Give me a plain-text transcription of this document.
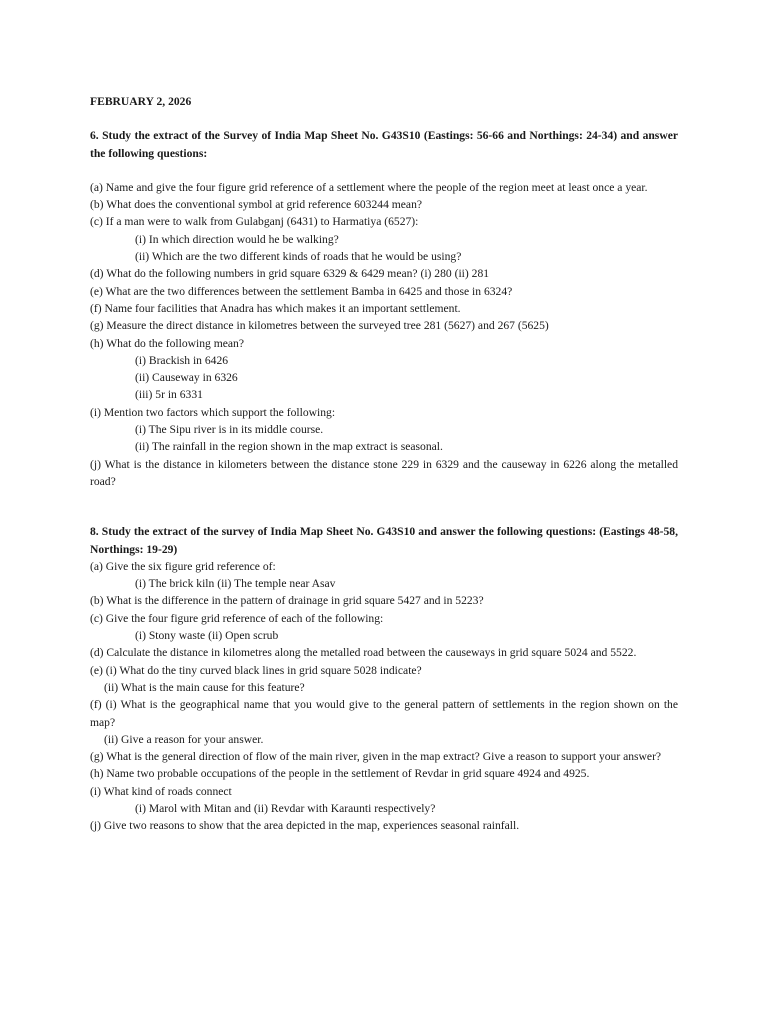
FEBRUARY 2, 2026

6. Study the extract of the Survey of India Map Sheet No. G43S10 (Eastings: 56-66 and Northings: 24-34) and answer the following questions:

(a) Name and give the four figure grid reference of a settlement where the people of the region meet at least once a year.

(b) What does the conventional symbol at grid reference 603244 mean?

(c) If a man were to walk from Gulabganj (6431) to Harmatiya (6527):

(i) In which direction would he be walking?

(ii) Which are the two different kinds of roads that he would be using?

(d) What do the following numbers in grid square 6329 & 6429 mean? (i) 280 (ii) 281

(e) What are the two differences between the settlement Bamba in 6425 and those in 6324?

(f) Name four facilities that Anadra has which makes it an important settlement.

(g) Measure the direct distance in kilometres between the surveyed tree 281 (5627) and 267 (5625)

(h) What do the following mean?

(i) Brackish in 6426

(ii) Causeway in 6326

(iii) 5r in 6331

(i) Mention two factors which support the following:

(i) The Sipu river is in its middle course.

(ii) The rainfall in the region shown in the map extract is seasonal.

(j) What is the distance in kilometers between the distance stone 229 in 6329 and the causeway in 6226 along the metalled road?

8. Study the extract of the survey of India Map Sheet No. G43S10 and answer the following questions: (Eastings 48-58, Northings: 19-29)

(a) Give the six figure grid reference of:

(i) The brick kiln (ii) The temple near Asav

(b) What is the difference in the pattern of drainage in grid square 5427 and in 5223?

(c) Give the four figure grid reference of each of the following:

(i) Stony waste (ii) Open scrub

(d) Calculate the distance in kilometres along the metalled road between the causeways in grid square 5024 and 5522.

(e) (i) What do the tiny curved black lines in grid square 5028 indicate?

(ii) What is the main cause for this feature?

(f) (i) What is the geographical name that you would give to the general pattern of settlements in the region shown on the map?

(ii) Give a reason for your answer.

(g) What is the general direction of flow of the main river, given in the map extract? Give a reason to support your answer?

(h) Name two probable occupations of the people in the settlement of Revdar in grid square 4924 and 4925.

(i) What kind of roads connect

(i) Marol with Mitan and (ii) Revdar with Karaunti respectively?

(j) Give two reasons to show that the area depicted in the map, experiences seasonal rainfall.
